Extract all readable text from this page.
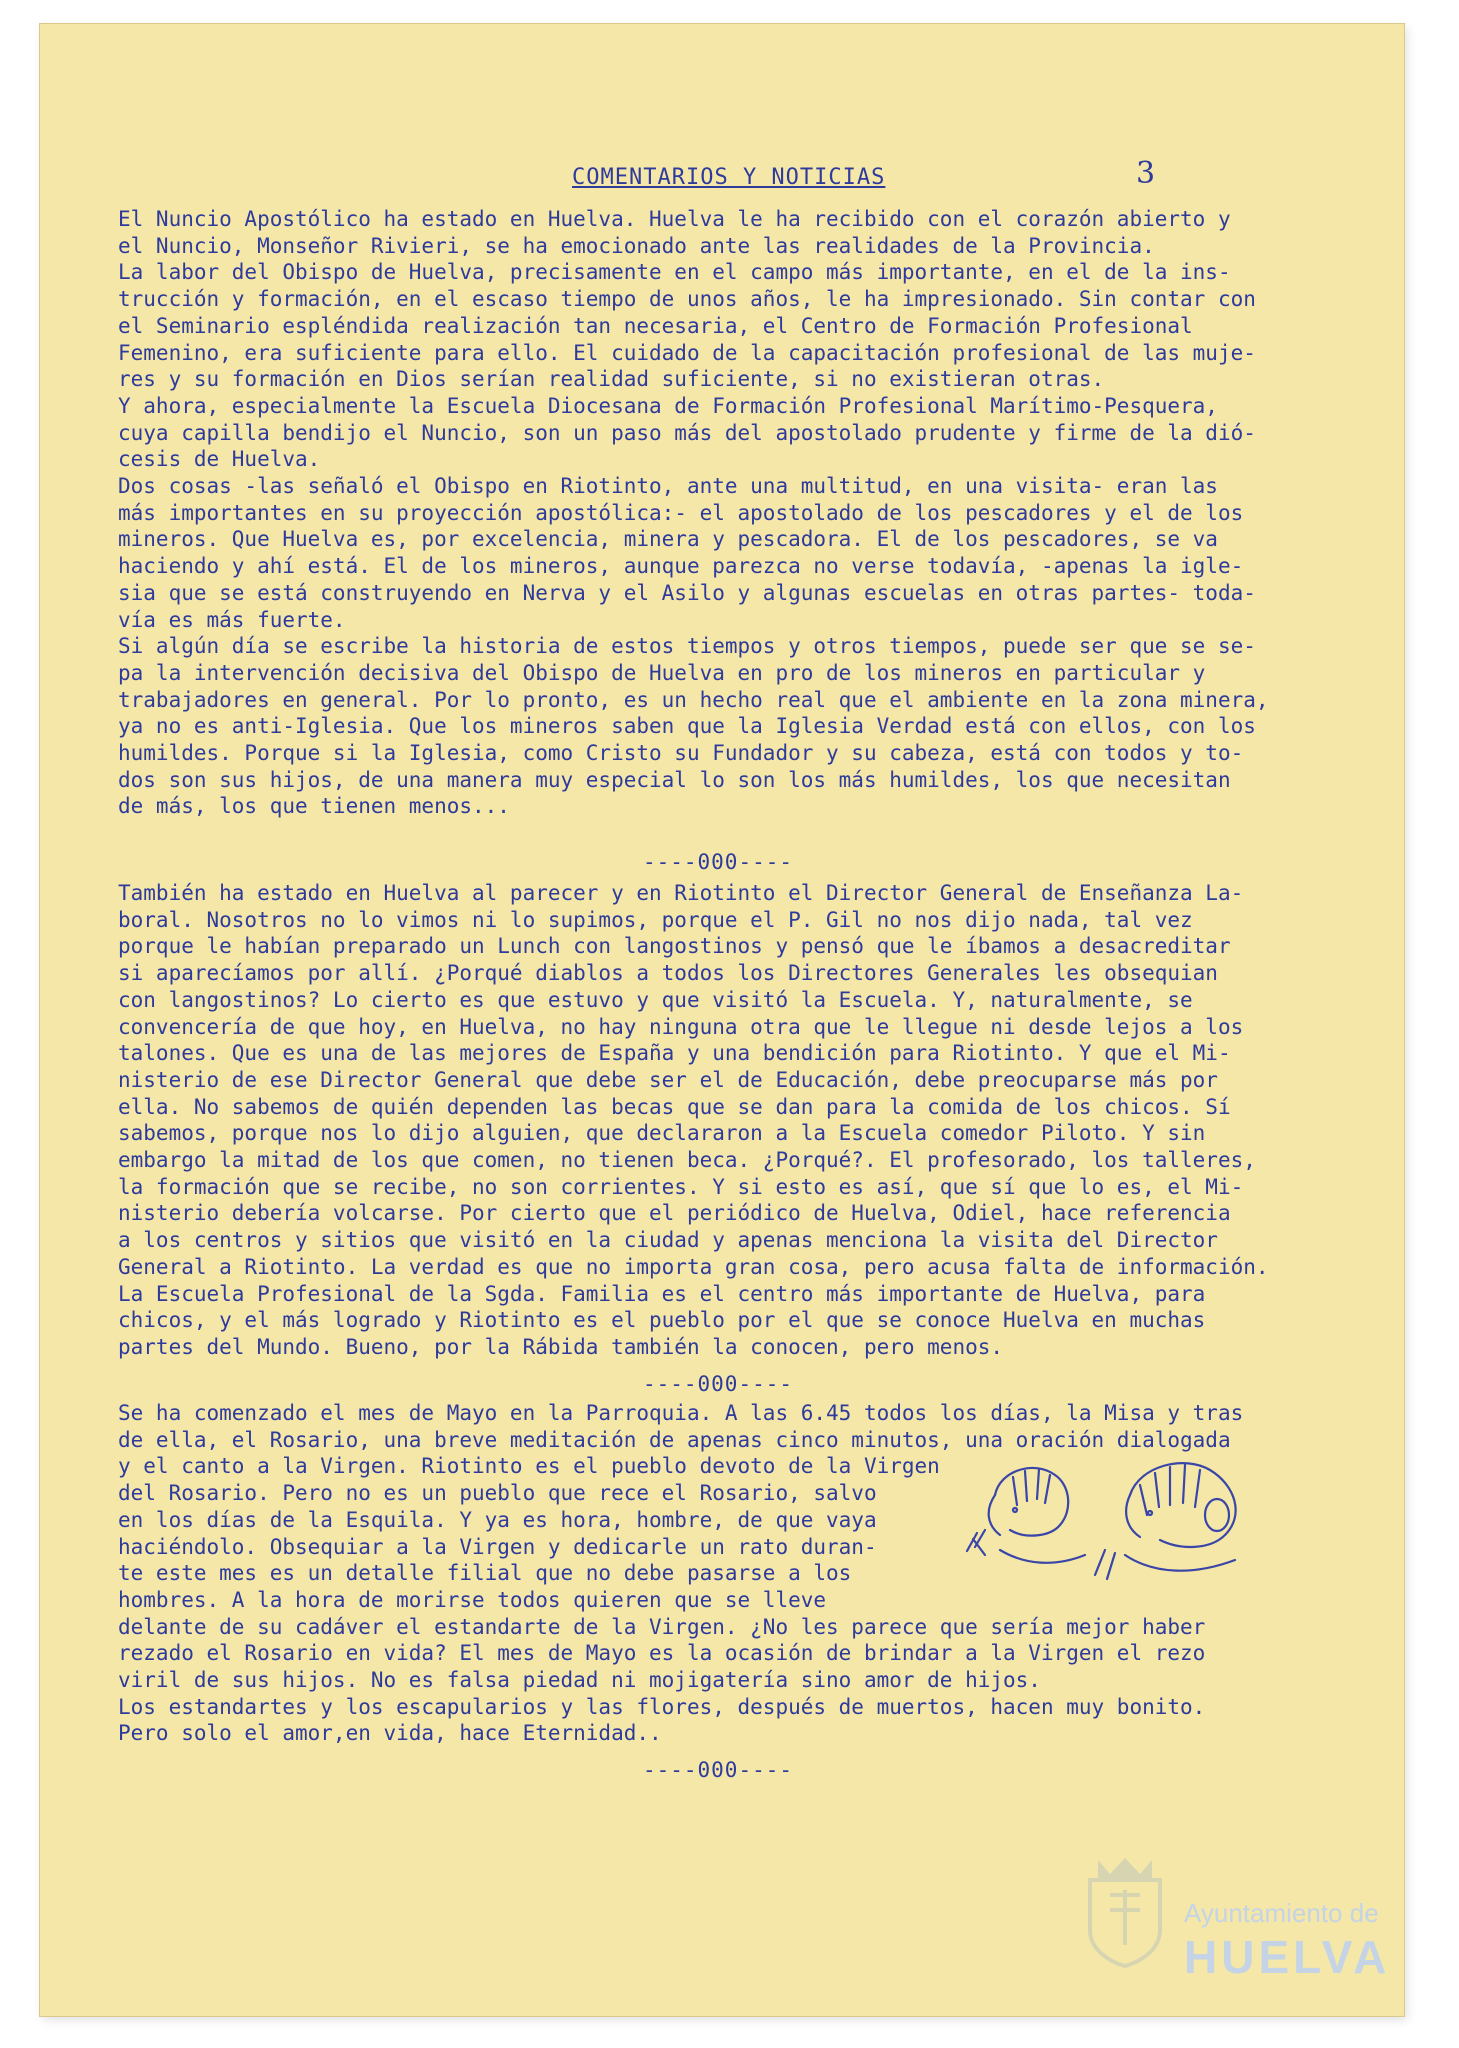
COMENTARIOS Y NOTICIAS	3

El Nuncio Apostólico ha estado en Huelva. Huelva le ha recibido con el corazón abierto y

el Nuncio, Monseñor Rivieri, se ha emocionado ante las realidades de la Provincia.

La labor del Obispo de Huelva, precisamente en el campo más importante, en el de la ins-

trucción y formación, en el escaso tiempo de unos años, le ha impresionado. Sin contar con

el Seminario espléndida realización tan necesaria, el Centro de Formación Profesional

Femenino, era suficiente para ello. El cuidado de la capacitación profesional de las muje-

res y su formación en Dios serían realidad suficiente, si no existieran otras.

Y ahora, especialmente la Escuela Diocesana de Formación Profesional Marítimo-Pesquera,

cuya capilla bendijo el Nuncio, son un paso más del apostolado prudente y firme de la dió-

cesis de Huelva.

Dos cosas -las señaló el Obispo en Riotinto, ante una multitud, en una visita- eran las

más importantes en su proyección apostólica:- el apostolado de los pescadores y el de los

mineros. Que Huelva es, por excelencia, minera y pescadora. El de los pescadores, se va

haciendo y ahí está. El de los mineros, aunque parezca no verse todavía, -apenas la igle-

sia que se está construyendo en Nerva y el Asilo y algunas escuelas en otras partes- toda-

vía es más fuerte.

Si algún día se escribe la historia de estos tiempos y otros tiempos, puede ser que se se-

pa la intervención decisiva del Obispo de Huelva en pro de los mineros en particular y

trabajadores en general. Por lo pronto, es un hecho real que el ambiente en la zona minera,

ya no es anti-Iglesia. Que los mineros saben que la Iglesia Verdad está con ellos, con los

humildes. Porque si la Iglesia, como Cristo su Fundador y su cabeza, está con todos y to-

dos son sus hijos, de una manera muy especial lo son los más humildes, los que necesitan

de más, los que tienen menos...

----000----

También ha estado en Huelva al parecer y en Riotinto el Director General de Enseñanza La-

boral. Nosotros no lo vimos ni lo supimos, porque el P. Gil no nos dijo nada, tal vez

porque le habían preparado un Lunch con langostinos y pensó que le íbamos a desacreditar

si aparecíamos por allí. ¿Porqué diablos a todos los Directores Generales les obsequian

con langostinos? Lo cierto es que estuvo y que visitó la Escuela. Y, naturalmente, se

convencería de que hoy, en Huelva, no hay ninguna otra que le llegue ni desde lejos a los

talones. Que es una de las mejores de España y una bendición para Riotinto. Y que el Mi-

nisterio de ese Director General que debe ser el de Educación, debe preocuparse más por

ella. No sabemos de quién dependen las becas que se dan para la comida de los chicos. Sí

sabemos, porque nos lo dijo alguien, que declararon a la Escuela comedor Piloto. Y sin

embargo la mitad de los que comen, no tienen beca. ¿Porqué?. El profesorado, los talleres,

la formación que se recibe, no son corrientes. Y si esto es así, que sí que lo es, el Mi-

nisterio debería volcarse. Por cierto que el periódico de Huelva, Odiel, hace referencia

a los centros y sitios que visitó en la ciudad y apenas menciona la visita del Director

General a Riotinto. La verdad es que no importa gran cosa, pero acusa falta de información.

La Escuela Profesional de la Sgda. Familia es el centro más importante de Huelva, para

chicos, y el más logrado y Riotinto es el pueblo por el que se conoce Huelva en muchas

partes del Mundo. Bueno, por la Rábida también la conocen, pero menos.

----000----

Se ha comenzado el mes de Mayo en la Parroquia. A las 6.45 todos los días, la Misa y tras

de ella, el Rosario, una breve meditación de apenas cinco minutos, una oración dialogada

y el canto a la Virgen. Riotinto es el pueblo devoto de la Virgen

del Rosario. Pero no es un pueblo que rece el Rosario, salvo

en los días de la Esquila. Y ya es hora, hombre, de que vaya

haciéndolo. Obsequiar a la Virgen y dedicarle un rato duran-

te este mes es un detalle filial que no debe pasarse a los

hombres. A la hora de morirse todos quieren que se lleve

delante de su cadáver el estandarte de la Virgen. ¿No les parece que sería mejor haber

rezado el Rosario en vida? El mes de Mayo es la ocasión de brindar a la Virgen el rezo

viril de sus hijos. No es falsa piedad ni mojigatería sino amor de hijos.

Los estandartes y los escapularios y las flores, después de muertos, hacen muy bonito.

Pero solo el amor,en vida, hace Eternidad..

----000----
Ayuntamiento de
HUELVA
